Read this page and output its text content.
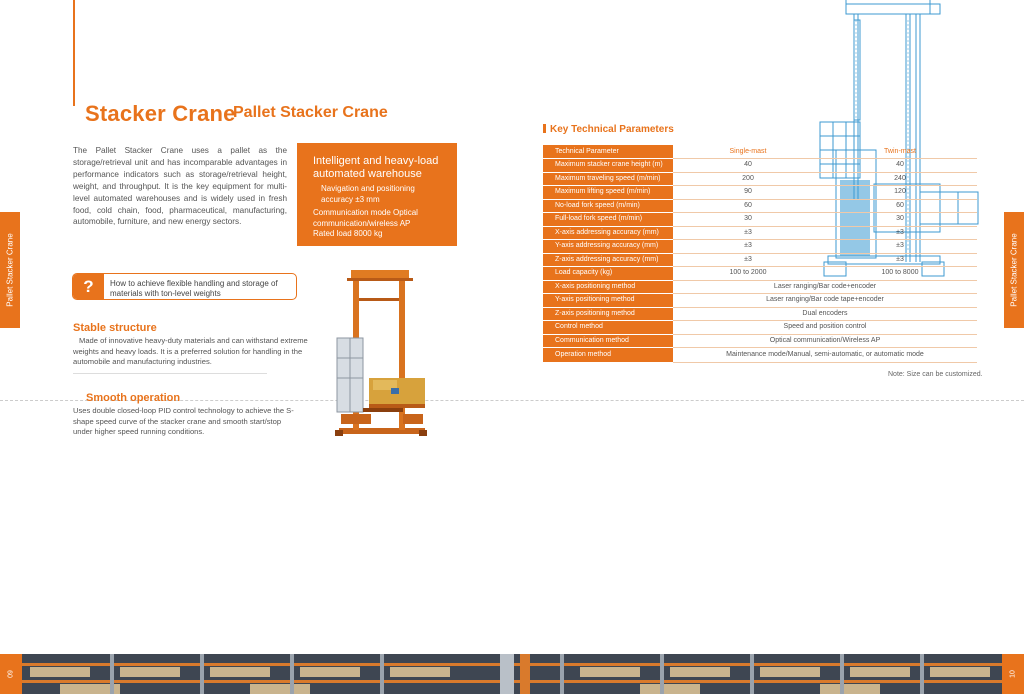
Stacker Crane
Pallet Stacker Crane

The Pallet Stacker Crane uses a pallet as the storage/retrieval unit and has incomparable advantages in performance indicators such as storage/retrieval height, weight, and throughput. It is the key equipment for multi-level automated warehouses and is widely used in fresh food, cold chain, food, pharmaceutical, manufacturing, automobile, furniture, and new energy sectors.

Intelligent and heavy-load automated warehouse
Navigation and positioning accuracy ±3 mm
Communication mode Optical communication/wireless AP
Rated load 8000 kg
?	How to achieve flexible handling and storage of materials with ton-level weights
Stable structure

Made of innovative heavy-duty materials and can withstand extreme weights and heavy loads. It is a preferred solution for handling in the automobile and manufacturing industries.

Smooth operation

Uses double closed-loop PID control technology to achieve the S-shape speed curve of the stacker crane and smooth start/stop under higher speed running conditions.

Pallet Stacker Crane	Pallet Stacker Crane
Key Technical Parameters
Technical Parameter	Single-mast	Twin-mast
Maximum stacker crane height (m)	40	40
Maximum traveling speed (m/min)	200	240
Maximum lifting speed (m/min)	90	120
No-load fork speed (m/min)	60	60
Full-load fork speed (m/min)	30	30
X-axis addressing accuracy (mm)	±3	±3
Y-axis addressing accuracy (mm)	±3	±3
Z-axis addressing accuracy (mm)	±3	±3
Load capacity (kg)	100 to 2000	100 to 8000
X-axis positioning method	Laser ranging/Bar code+encoder	
Y-axis positioning method	Laser ranging/Bar code tape+encoder	
Z-axis positioning method	Dual encoders	
Control method	Speed and position control	
Communication method	Optical communication/Wireless AP	
Operation method	Maintenance mode/Manual, semi-automatic, or automatic mode	
Note: Size can be customized.
09	10
